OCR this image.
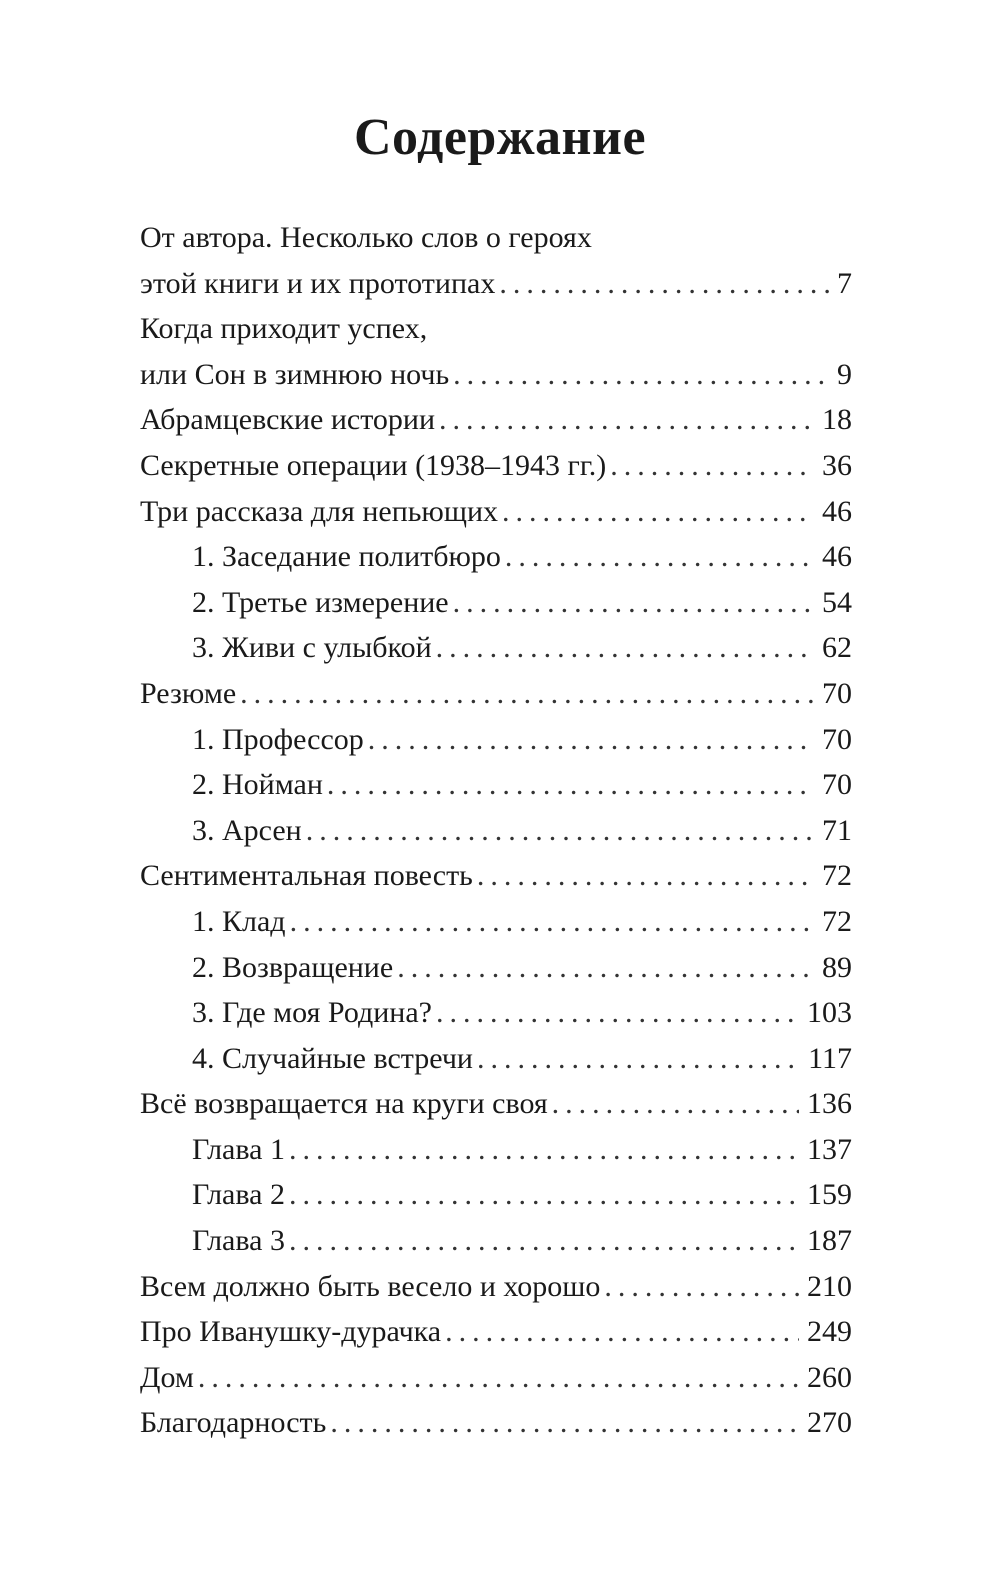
Содержание
От автора. Несколько слов о героях
этой книги и их прототипах .....	7
Когда приходит успех,
или Сон в зимнюю ночь .....	9
Абрамцевские истории .....	18
Секретные операции (1938–1943 гг.) .....	36
Три рассказа для непьющих .....	46
1. Заседание политбюро .....	46
2. Третье измерение .....	54
3. Живи с улыбкой .....	62
Резюме .....	70
1. Профессор .....	70
2. Нойман .....	70
3. Арсен .....	71
Сентиментальная повесть .....	72
1. Клад .....	72
2. Возвращение .....	89
3. Где моя Родина? .....	103
4. Случайные встречи .....	117
Всё возвращается на круги своя .....	136
Глава 1 .....	137
Глава 2 .....	159
Глава 3 .....	187
Всем должно быть весело и хорошо .....	210
Про Иванушку-дурачка .....	249
Дом .....	260
Благодарность .....	270
